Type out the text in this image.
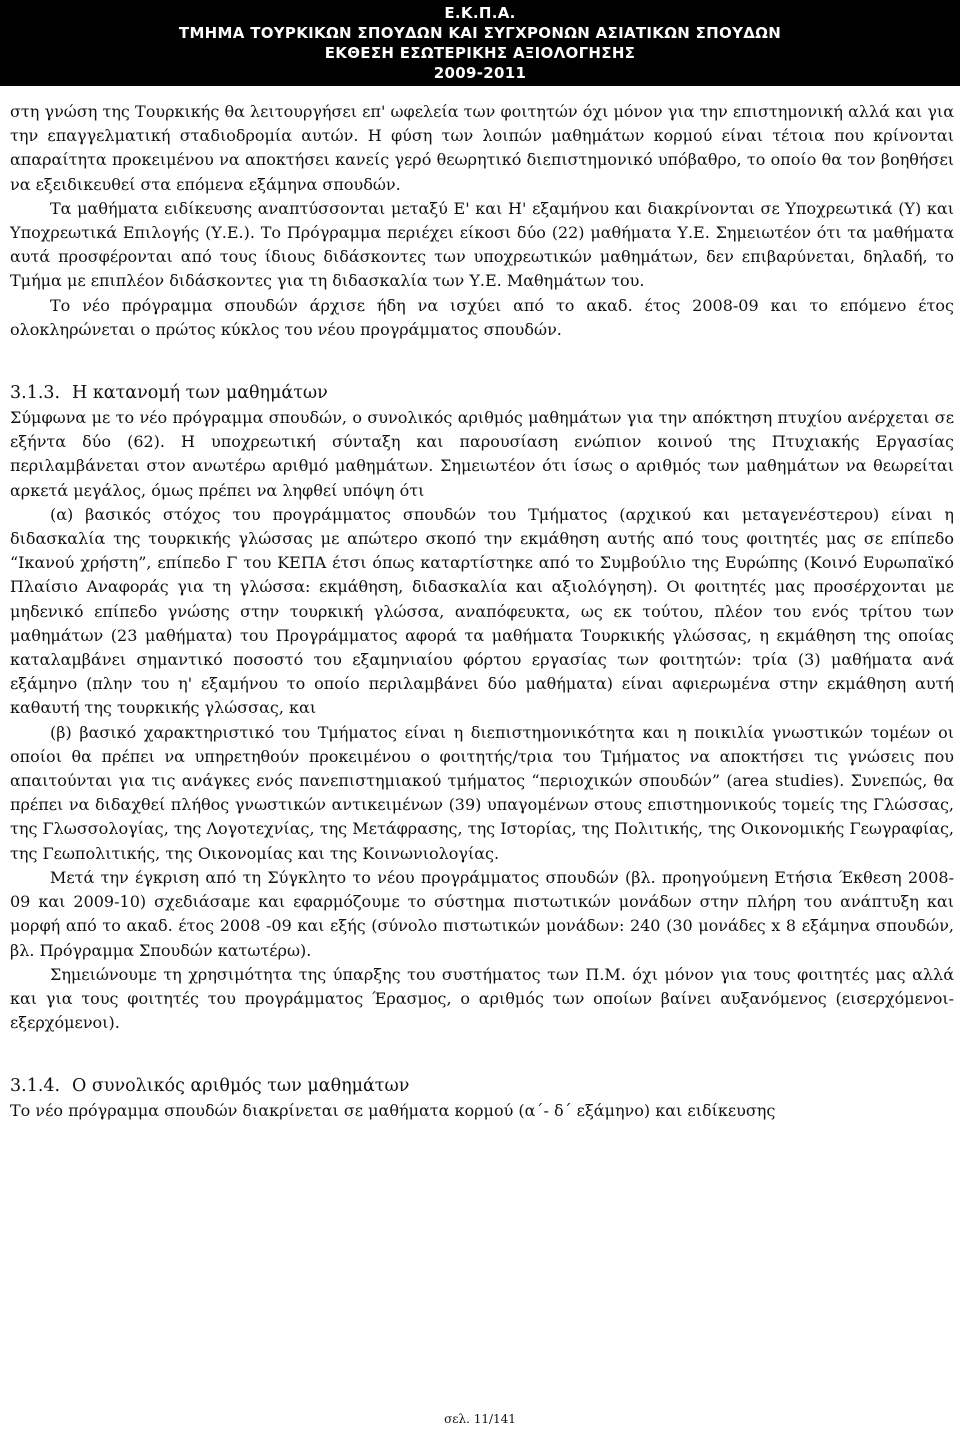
Ε.Κ.Π.Α.
ΤΜΗΜΑ ΤΟΥΡΚΙΚΩΝ ΣΠΟΥΔΩΝ ΚΑΙ ΣΥΓΧΡΟΝΩΝ ΑΣΙΑΤΙΚΩΝ ΣΠΟΥΔΩΝ
ΕΚΘΕΣΗ ΕΣΩΤΕΡΙΚΗΣ ΑΞΙΟΛΟΓΗΣΗΣ
2009-2011

στη γνώση της Τουρκικής θα λειτουργήσει επ' ωφελεία των φοιτητών όχι μόνον για την επιστημονική αλλά και για την επαγγελματική σταδιοδρομία αυτών. Η φύση των λοιπών μαθημάτων κορμού είναι τέτοια που κρίνονται απαραίτητα προκειμένου να αποκτήσει κανείς γερό θεωρητικό διεπιστημονικό υπόβαθρο, το οποίο θα τον βοηθήσει να εξειδικευθεί στα επόμενα εξάμηνα σπουδών.

Τα μαθήματα ειδίκευσης αναπτύσσονται μεταξύ Ε' και Η' εξαμήνου και διακρίνονται σε Υποχρεωτικά (Υ) και Υποχρεωτικά Επιλογής (Υ.Ε.). Το Πρόγραμμα περιέχει είκοσι δύο (22) μαθήματα Υ.Ε. Σημειωτέον ότι τα μαθήματα αυτά προσφέρονται από τους ίδιους διδάσκοντες των υποχρεωτικών μαθημάτων, δεν επιβαρύνεται, δηλαδή, το Τμήμα με επιπλέον διδάσκοντες για τη διδασκαλία των Υ.Ε. Μαθημάτων του.

Το νέο πρόγραμμα σπουδών άρχισε ήδη να ισχύει από το ακαδ. έτος 2008-09 και το επόμενο έτος ολοκληρώνεται ο πρώτος κύκλος του νέου προγράμματος σπουδών.

3.1.3. Η κατανομή των μαθημάτων

Σύμφωνα με το νέο πρόγραμμα σπουδών, ο συνολικός αριθμός μαθημάτων για την απόκτηση πτυχίου ανέρχεται σε εξήντα δύο (62). Η υποχρεωτική σύνταξη και παρουσίαση ενώπιον κοινού της Πτυχιακής Εργασίας περιλαμβάνεται στον ανωτέρω αριθμό μαθημάτων. Σημειωτέον ότι ίσως ο αριθμός των μαθημάτων να θεωρείται αρκετά μεγάλος, όμως πρέπει να ληφθεί υπόψη ότι

(α) βασικός στόχος του προγράμματος σπουδών του Τμήματος (αρχικού και μεταγενέστερου) είναι η διδασκαλία της τουρκικής γλώσσας με απώτερο σκοπό την εκμάθηση αυτής από τους φοιτητές μας σε επίπεδο “Ικανού χρήστη”, επίπεδο Γ του ΚΕΠΑ έτσι όπως καταρτίστηκε από το Συμβούλιο της Ευρώπης (Κοινό Ευρωπαϊκό Πλαίσιο Αναφοράς για τη γλώσσα: εκμάθηση, διδασκαλία και αξιολόγηση). Οι φοιτητές μας προσέρχονται με μηδενικό επίπεδο γνώσης στην τουρκική γλώσσα, αναπόφευκτα, ως εκ τούτου, πλέον του ενός τρίτου των μαθημάτων (23 μαθήματα) του Προγράμματος αφορά τα μαθήματα Τουρκικής γλώσσας, η εκμάθηση της οποίας καταλαμβάνει σημαντικό ποσοστό του εξαμηνιαίου φόρτου εργασίας των φοιτητών: τρία (3) μαθήματα ανά εξάμηνο (πλην του η' εξαμήνου το οποίο περιλαμβάνει δύο μαθήματα) είναι αφιερωμένα στην εκμάθηση αυτή καθαυτή της τουρκικής γλώσσας, και

(β) βασικό χαρακτηριστικό του Τμήματος είναι η διεπιστημονικότητα και η ποικιλία γνωστικών τομέων οι οποίοι θα πρέπει να υπηρετηθούν προκειμένου ο φοιτητής/τρια του Τμήματος να αποκτήσει τις γνώσεις που απαιτούνται για τις ανάγκες ενός πανεπιστημιακού τμήματος “περιοχικών σπουδών” (area studies). Συνεπώς, θα πρέπει να διδαχθεί πλήθος γνωστικών αντικειμένων (39) υπαγομένων στους επιστημονικούς τομείς της Γλώσσας, της Γλωσσολογίας, της Λογοτεχνίας, της Μετάφρασης, της Ιστορίας, της Πολιτικής, της Οικονομικής Γεωγραφίας, της Γεωπολιτικής, της Οικονομίας και της Κοινωνιολογίας.

Μετά την έγκριση από τη Σύγκλητο το νέου προγράμματος σπουδών (βλ. προηγούμενη Ετήσια Έκθεση 2008-09 και 2009-10) σχεδιάσαμε και εφαρμόζουμε το σύστημα πιστωτικών μονάδων στην πλήρη του ανάπτυξη και μορφή από το ακαδ. έτος 2008 -09 και εξής (σύνολο πιστωτικών μονάδων: 240 (30 μονάδες x 8 εξάμηνα σπουδών, βλ. Πρόγραμμα Σπουδών κατωτέρω).

Σημειώνουμε τη χρησιμότητα της ύπαρξης του συστήματος των Π.Μ. όχι μόνον για τους φοιτητές μας αλλά και για τους φοιτητές του προγράμματος Έρασμος, ο αριθμός των οποίων βαίνει αυξανόμενος (εισερχόμενοι-εξερχόμενοι).

3.1.4. Ο συνολικός αριθμός των μαθημάτων

Το νέο πρόγραμμα σπουδών διακρίνεται σε μαθήματα κορμού (α΄- δ΄ εξάμηνο) και ειδίκευσης

σελ. 11/141
